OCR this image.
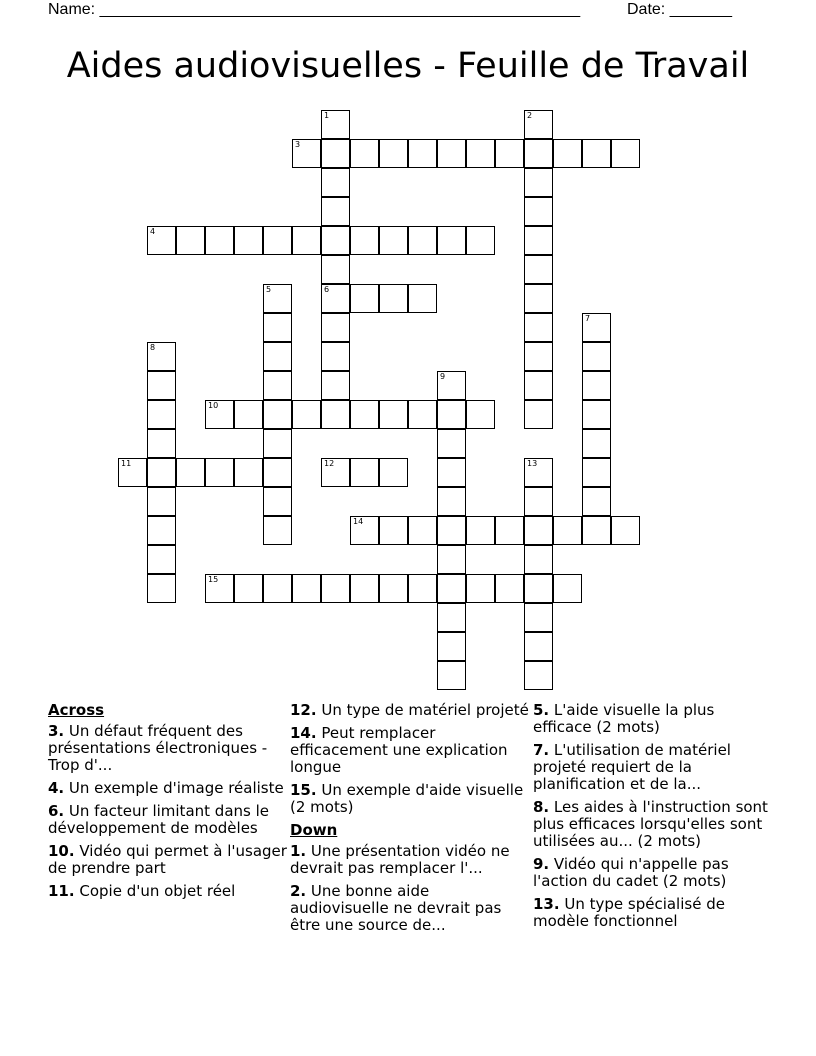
Name: ______________________________________________________	Date: _______
Aides audiovisuelles - Feuille de Travail
1
6
2
3
4
5
7
8
9
10
11	12	13
14
15
Across
3. Un défaut fréquent des présentations électroniques - Trop d'...
4. Un exemple d'image réaliste
6. Un facteur limitant dans le développement de modèles
10. Vidéo qui permet à l'usager de prendre part
11. Copie d'un objet réel
12. Un type de matériel projeté
14. Peut remplacer efficacement une explication longue
15. Un exemple d'aide visuelle (2 mots)
Down
1. Une présentation vidéo ne devrait pas remplacer l'...
2. Une bonne aide audiovisuelle ne devrait pas être une source de...
5. L'aide visuelle la plus efficace (2 mots)
7. L'utilisation de matériel projeté requiert de la planification et de la...
8. Les aides à l'instruction sont plus efficaces lorsqu'elles sont utilisées au... (2 mots)
9. Vidéo qui n'appelle pas l'action du cadet (2 mots)
13. Un type spécialisé de modèle fonctionnel
